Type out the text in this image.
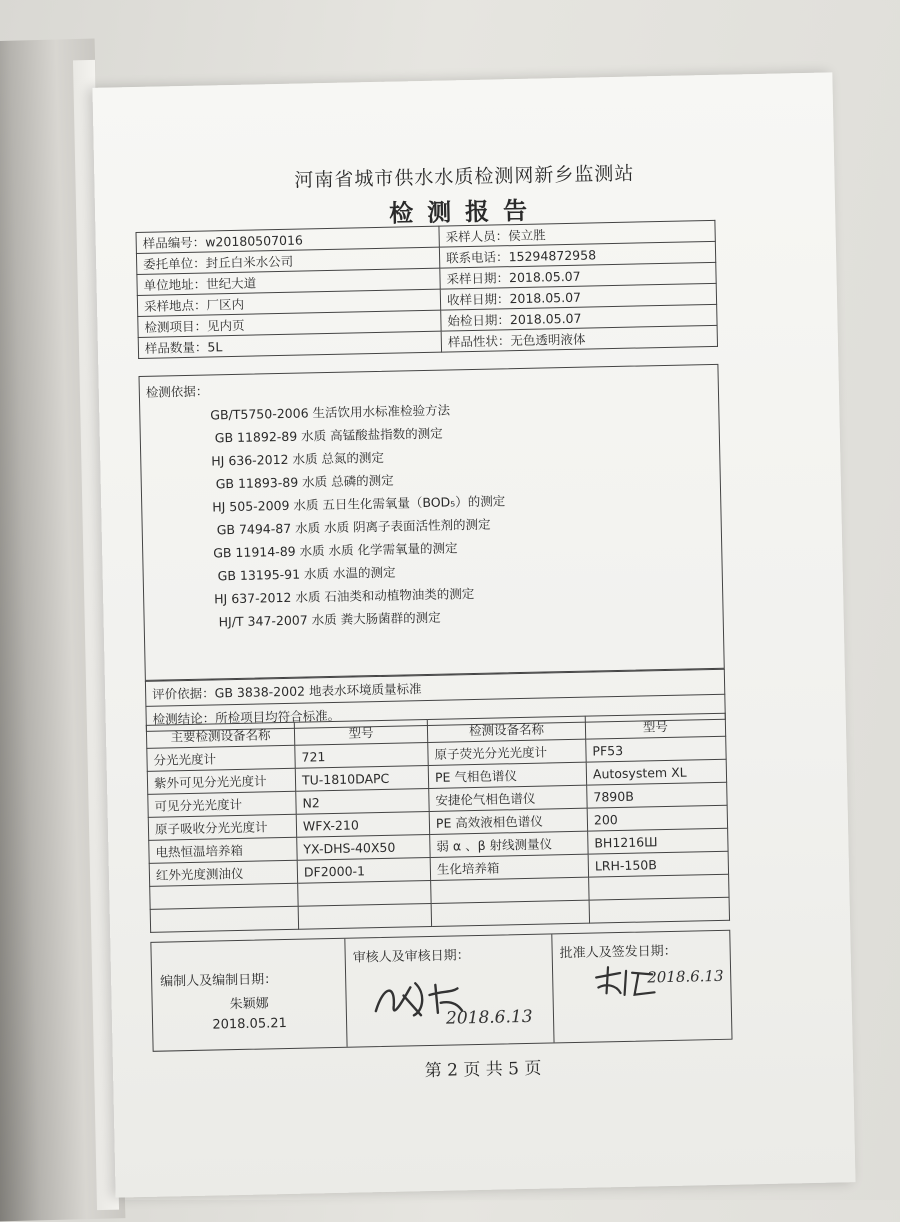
河南省城市供水水质检测网新乡监测站
检测报告
样品编号：w20180507016	采样人员：侯立胜
委托单位：封丘白米水公司	联系电话：15294872958
单位地址：世纪大道	采样日期：2018.05.07
采样地点：厂区内	收样日期：2018.05.07
检测项目：见内页	始检日期：2018.05.07
样品数量：5L	样品性状：无色透明液体
检测依据：
GB/T5750-2006 生活饮用水标准检验方法
GB 11892-89 水质 高锰酸盐指数的测定
HJ 636-2012 水质 总氮的测定
GB 11893-89 水质 总磷的测定
HJ 505-2009 水质 五日生化需氧量（BOD₅）的测定
GB 7494-87 水质 水质 阴离子表面活性剂的测定
GB 11914-89 水质 水质 化学需氧量的测定
GB 13195-91 水质 水温的测定
HJ 637-2012 水质 石油类和动植物油类的测定
HJ/T 347-2007 水质 粪大肠菌群的测定
评价依据：GB 3838-2002 地表水环境质量标准
检测结论：所检项目均符合标准。
主要检测设备名称	型号	检测设备名称	型号
分光光度计	721	原子荧光分光光度计	PF53
紫外可见分光光度计	TU-1810DAPC	PE 气相色谱仪	Autosystem XL
可见分光光度计	N2	安捷伦气相色谱仪	7890B
原子吸收分光光度计	WFX-210	PE 高效液相色谱仪	200
电热恒温培养箱	YX-DHS-40X50	弱 α 、β 射线测量仪	BH1216Ш
红外光度测油仪	DF2000-1	生化培养箱	LRH-150B

编制人及编制日期：
朱颖娜
2018.05.21
审核人及审核日期：
2018.6.13
批准人及签发日期：
2018.6.13
第 2 页 共 5 页
